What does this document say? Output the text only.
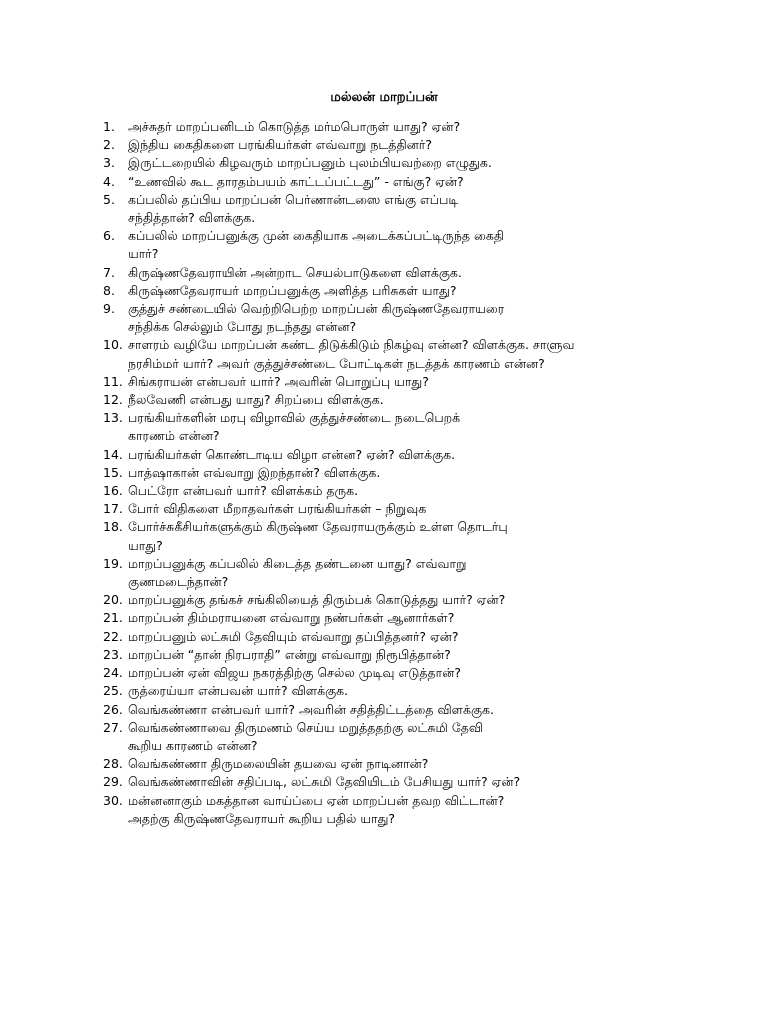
மல்லன் மாறப்பன்
1. அச்சுதர் மாறப்பனிடம் கொடுத்த மர்மபொருள் யாது? ஏன்?
2. இந்திய கைதிகளை பரங்கியர்கள் எவ்வாறு நடத்தினர்?
3. இருட்டறையில் கிழவரும் மாறப்பனும் புலம்பியவற்றை எழுதுக.
4. “உணவில் கூட தாரதம்பயம் காட்டப்பட்டது” - எங்கு? ஏன்?
5. கப்பலில் தப்பிய மாறப்பன் பெர்ணான்டஸை எங்கு எப்படி
சந்தித்தான்? விளக்குக.
6. கப்பலில் மாறப்பனுக்கு முன் கைதியாக அடைக்கப்பட்டிருந்த கைதி
யார்?
7. கிருஷ்ணதேவராயின் அன்றாட செயல்பாடுகளை விளக்குக.
8. கிருஷ்ணதேவராயர் மாறப்பனுக்கு அளித்த பரிசுகள் யாது?
9. குத்துச் சண்டையில் வெற்றிபெற்ற மாறப்பன் கிருஷ்ணதேவராயரை
சந்திக்க செல்லும் போது நடந்தது என்ன?
10. சாளரம் வழியே மாறப்பன் கண்ட திடுக்கிடும் நிகழ்வு என்ன? விளக்குக. சாளுவ
நரசிம்மர் யார்? அவர் குத்துச்சண்டை போட்டிகள் நடத்தக் காரணம் என்ன?
11. சிங்கராயன் என்பவர் யார்? அவரின் பொறுப்பு யாது?
12. நீலவேணி என்பது யாது? சிறப்பை விளக்குக.
13. பரங்கியர்களின் மரபு விழாவில் குத்துச்சண்டை நடைபெறக்
காரணம் என்ன?
14. பரங்கியர்கள் கொண்டாடிய விழா என்ன? ஏன்? விளக்குக.
15. பாத்ஷாகான் எவ்வாறு இறந்தான்? விளக்குக.
16. பெட்ரோ என்பவர் யார்? விளக்கம் தருக.
17. போர் விதிகளை மீறாதவர்கள் பரங்கியர்கள் – நிறுவுக
18. போர்ச்சுகீசியர்களுக்கும் கிருஷ்ண தேவராயருக்கும் உள்ள தொடர்பு
யாது?
19. மாறப்பனுக்கு கப்பலில் கிடைத்த தண்டனை யாது? எவ்வாறு
குணமடைந்தான்?
20. மாறப்பனுக்கு தங்கச் சங்கிலியைத் திரும்பக் கொடுத்தது யார்? ஏன்?
21. மாறப்பன் திம்மராயனை எவ்வாறு நண்பர்கள் ஆனார்கள்?
22. மாறப்பனும் லட்சுமி தேவியும் எவ்வாறு தப்பித்தனர்? ஏன்?
23. மாறப்பன் “தான் நிரபராதி” என்று எவ்வாறு நிரூபித்தான்?
24. மாறப்பன் ஏன் விஜய நகரத்திற்கு செல்ல முடிவு எடுத்தான்?
25. ருத்ரைய்யா என்பவன் யார்? விளக்குக.
26. வெங்கண்ணா என்பவர் யார்? அவரின் சதித்திட்டத்தை விளக்குக.
27. வெங்கண்ணாவை திருமணம் செய்ய மறுத்ததற்கு லட்சுமி தேவி
கூறிய காரணம் என்ன?
28. வெங்கண்ணா திருமலையின் தயவை ஏன் நாடினான்?
29. வெங்கண்ணாவின் சதிப்படி, லட்சுமி தேவியிடம் பேசியது யார்? ஏன்?
30. மன்னனாகும் மகத்தான வாய்ப்பை ஏன் மாறப்பன் தவற விட்டான்?
அதற்கு கிருஷ்ணதேவராயர் கூறிய பதில் யாது?
